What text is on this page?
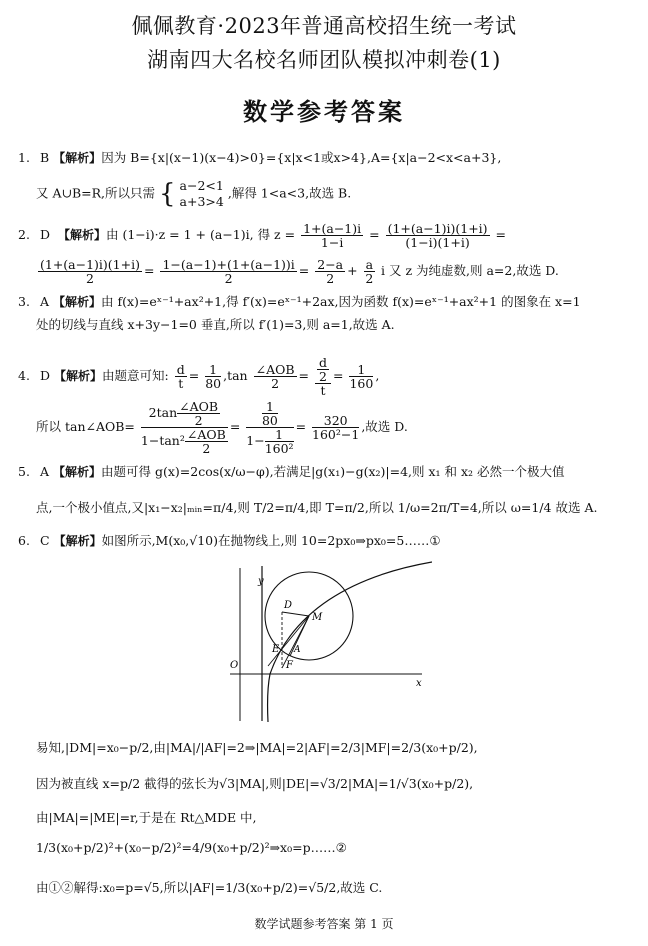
佩佩教育·2023年普通高校招生统一考试
湖南四大名校名师团队模拟冲刺卷(1)
数学参考答案
1. B 【解析】因为 B={x|(x−1)(x−4)>0}={x|x<1或x>4},A={x|a−2<x<a+3},
又 A∪B=R,所以只需 { a−2<1
a+3>4
,解得 1<a<3,故选 B.
2. D 【解析】由 (1−i)·z = 1 + (a−1)i, 得 $z = \frac{1+(a-1)i}{1-i} = \frac{(1+(a-1)i)(1+i)}{(1-i)(1+i)}$ =
$\frac{(1+(a-1)i)(1+i)}{2} = \frac{1-(a-1)+(1+(a-1))i}{2} = \frac{2-a}{2} + \frac{a}{2}$ i 又 z 为纯虚数,则 a=2,故选 D.
3. A 【解析】由 f(x)=eˣ⁻¹+ax²+1,得 f′(x)=eˣ⁻¹+2ax,因为函数 f(x)=eˣ⁻¹+ax²+1 的图象在 x=1
处的切线与直线 x+3y−1=0 垂直,所以 f′(1)=3,则 a=1,故选 A.
4. D 【解析】由题意可知: $\frac{d}{t} = \frac{1}{80} ,\tan \frac{\text{∠AOB}}{2} = \frac{\frac{d}{2}}{t} = \frac{1}{160}$ ,
所以 tan∠AOB= $\frac{2\tan \frac{\text{∠AOB}}{2}}{1-\tan^2 \frac{\text{∠AOB}}{2}} = \frac{\frac{1}{80}}{1- \frac{1}{\text{160²}}} = \frac{320}{\text{160²−1}}$ ,故选 D.
5. A 【解析】由题可得 g(x)=2cos(x/ω−φ),若满足|g(x₁)−g(x₂)|=4,则 x₁ 和 x₂ 必然一个极大值
点,一个极小值点,又|x₁−x₂|ₘᵢₙ=π/4,则 T/2=π/4,即 T=π/2,所以 1/ω=2π/T=4,所以 ω=1/4 故选 A.
6. C 【解析】如图所示,M(x₀,√10)在抛物线上,则 10=2px₀⇒px₀=5……①
y
x
O
D
M
E
F
A
易知,|DM|=x₀−p/2,由|MA|/|AF|=2⇒|MA|=2|AF|=2/3|MF|=2/3(x₀+p/2),
因为被直线 x=p/2 截得的弦长为√3|MA|,则|DE|=√3/2|MA|=1/√3(x₀+p/2),
由|MA|=|ME|=r,于是在 Rt△MDE 中,
1/3(x₀+p/2)²+(x₀−p/2)²=4/9(x₀+p/2)²⇒x₀=p……②
由①②解得:x₀=p=√5,所以|AF|=1/3(x₀+p/2)=√5/2,故选 C.
数学试题参考答案 第 1 页
